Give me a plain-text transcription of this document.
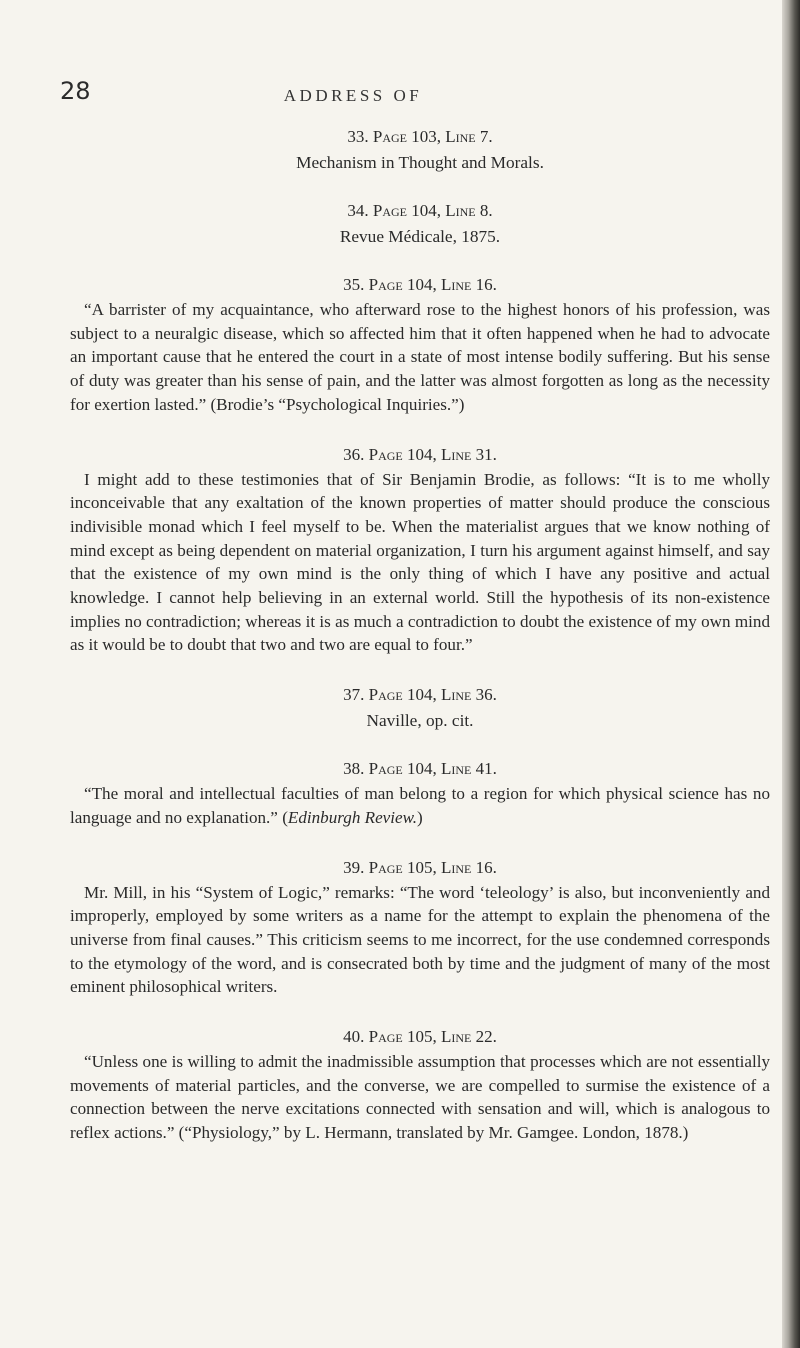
28	ADDRESS OF

33. Page 103, Line 7.

Mechanism in Thought and Morals.

34. Page 104, Line 8.

Revue Médicale, 1875.

35. Page 104, Line 16.

“A barrister of my acquaintance, who afterward rose to the highest honors of his profession, was subject to a neuralgic disease, which so affected him that it often happened when he had to advocate an important cause that he entered the court in a state of most intense bodily suffering. But his sense of duty was greater than his sense of pain, and the latter was almost forgotten as long as the necessity for exertion lasted.” (Brodie’s “Psychological Inquiries.”)

36. Page 104, Line 31.

I might add to these testimonies that of Sir Benjamin Brodie, as follows: “It is to me wholly inconceivable that any exaltation of the known properties of matter should produce the conscious indivisible monad which I feel myself to be. When the materialist argues that we know nothing of mind except as being dependent on material organization, I turn his argument against himself, and say that the existence of my own mind is the only thing of which I have any positive and actual knowledge. I cannot help believing in an external world. Still the hypothesis of its non-existence implies no contradiction; whereas it is as much a contradiction to doubt the existence of my own mind as it would be to doubt that two and two are equal to four.”

37. Page 104, Line 36.

Naville, op. cit.

38. Page 104, Line 41.

“The moral and intellectual faculties of man belong to a region for which physical science has no language and no explanation.” (Edinburgh Review.)

39. Page 105, Line 16.

Mr. Mill, in his “System of Logic,” remarks: “The word ‘teleology’ is also, but inconveniently and improperly, employed by some writers as a name for the attempt to explain the phenomena of the universe from final causes.” This criticism seems to me incorrect, for the use condemned corresponds to the etymology of the word, and is consecrated both by time and the judgment of many of the most eminent philosophical writers.

40. Page 105, Line 22.

“Unless one is willing to admit the inadmissible assumption that processes which are not essentially movements of material particles, and the converse, we are compelled to surmise the existence of a connection between the nerve excitations connected with sensation and will, which is analogous to reflex actions.” (“Physiology,” by L. Hermann, translated by Mr. Gamgee. London, 1878.)
